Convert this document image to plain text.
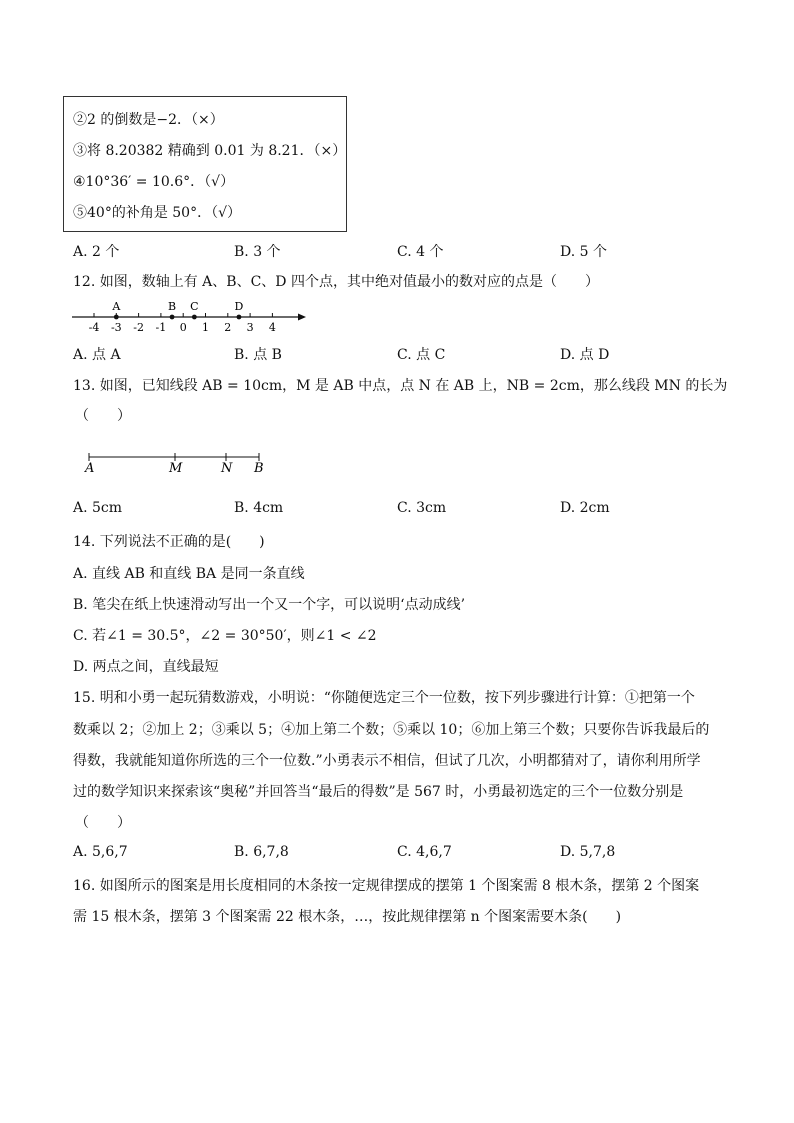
②2 的倒数是−2．（×）
③将 8.20382 精确到 0.01 为 8.21．（×）
④10°36′ = 10.6°．（√）
⑤40°的补角是 50°．（√）
A. 2 个	B. 3 个	C. 4 个	D. 5 个
12. 如图，数轴上有 A、B、C、D 四个点，其中绝对值最小的数对应的点是（　　）
-4 -3 -2 -1 0 1 2 3 4
A	B C	D
A. 点 A	B. 点 B	C. 点 C	D. 点 D
13. 如图，已知线段 AB = 10cm，M 是 AB 中点，点 N 在 AB 上，NB = 2cm，那么线段 MN 的长为
（　　）
A	M	N B
A. 5cm	B. 4cm	C. 3cm	D. 2cm
14. 下列说法不正确的是(　　)
A. 直线 AB 和直线 BA 是同一条直线
B. 笔尖在纸上快速滑动写出一个又一个字，可以说明‘点动成线’
C. 若∠1 = 30.5°，∠2 = 30°50′，则∠1 < ∠2
D. 两点之间，直线最短
15. 明和小勇一起玩猜数游戏，小明说：“你随便选定三个一位数，按下列步骤进行计算：①把第一个
数乘以 2；②加上 2；③乘以 5；④加上第二个数；⑤乘以 10；⑥加上第三个数；只要你告诉我最后的
得数，我就能知道你所选的三个一位数.”小勇表示不相信，但试了几次，小明都猜对了，请你利用所学
过的数学知识来探索该“奥秘”并回答当“最后的得数”是 567 时，小勇最初选定的三个一位数分别是
（　　）
A. 5,6,7	B. 6,7,8	C. 4,6,7	D. 5,7,8
16. 如图所示的图案是用长度相同的木条按一定规律摆成的摆第 1 个图案需 8 根木条，摆第 2 个图案
需 15 根木条，摆第 3 个图案需 22 根木条，…，按此规律摆第 n 个图案需要木条(　　)
